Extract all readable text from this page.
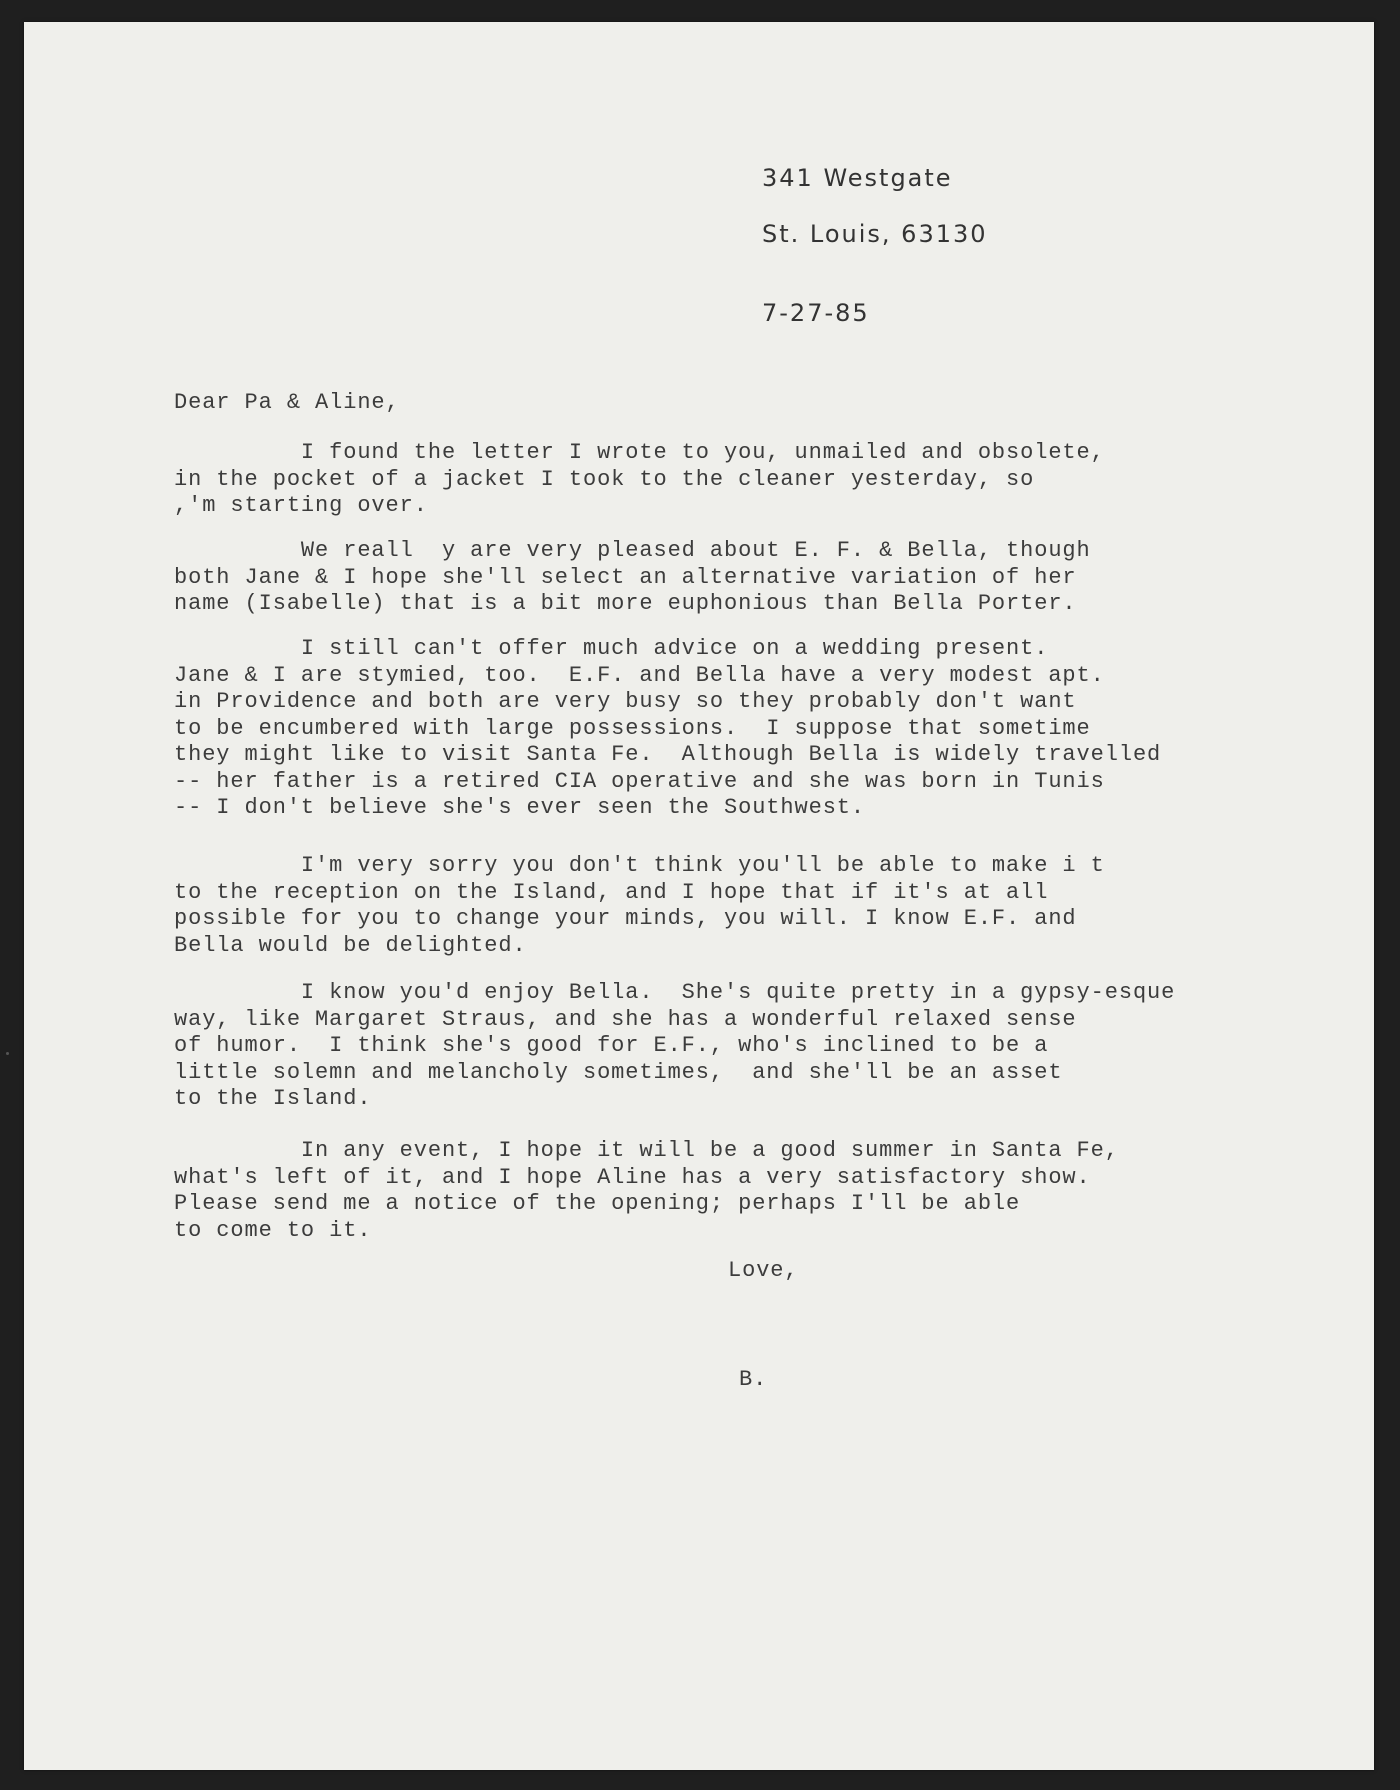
341 Westgate

St. Louis, 63130

7-27-85

Dear Pa & Aline,

I found the letter I wrote to you, unmailed and obsolete,
in the pocket of a jacket I took to the cleaner yesterday, so
,'m starting over.

We reall  y are very pleased about E. F. & Bella, though
both Jane & I hope she'll select an alternative variation of her
name (Isabelle) that is a bit more euphonious than Bella Porter.

I still can't offer much advice on a wedding present.
Jane & I are stymied, too.  E.F. and Bella have a very modest apt.
in Providence and both are very busy so they probably don't want
to be encumbered with large possessions.  I suppose that sometime
they might like to visit Santa Fe.  Although Bella is widely travelled
-- her father is a retired CIA operative and she was born in Tunis
-- I don't believe she's ever seen the Southwest.

I'm very sorry you don't think you'll be able to make i t
to the reception on the Island, and I hope that if it's at all
possible for you to change your minds, you will. I know E.F. and
Bella would be delighted.

I know you'd enjoy Bella.  She's quite pretty in a gypsy-esque
way, like Margaret Straus, and she has a wonderful relaxed sense
of humor.  I think she's good for E.F., who's inclined to be a
little solemn and melancholy sometimes,  and she'll be an asset
to the Island.

In any event, I hope it will be a good summer in Santa Fe,
what's left of it, and I hope Aline has a very satisfactory show.
Please send me a notice of the opening; perhaps I'll be able
to come to it.

Love,

B.
